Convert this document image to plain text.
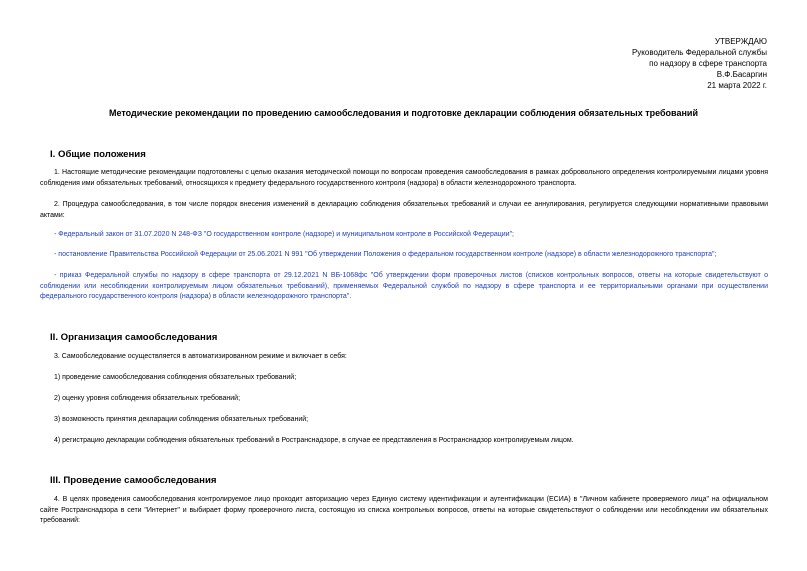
УТВЕРЖДАЮ
Руководитель Федеральной службы
по надзору в сфере транспорта
В.Ф.Басаргин
21 марта 2022 г.
Методические рекомендации по проведению самообследования и подготовке декларации соблюдения обязательных требований
I. Общие положения
1. Настоящие методические рекомендации подготовлены с целью оказания методической помощи по вопросам проведения самообследования в рамках добровольного определения контролируемыми лицами уровня соблюдения ими обязательных требований, относящихся к предмету федерального государственного контроля (надзора) в области железнодорожного транспорта.
2. Процедура самообследования, в том числе порядок внесения изменений в декларацию соблюдения обязательных требований и случаи ее аннулирования, регулируется следующими нормативными правовыми актами:
- Федеральный закон от 31.07.2020 N 248-ФЗ "О государственном контроле (надзоре) и муниципальном контроле в Российской Федерации";
- постановление Правительства Российской Федерации от 25.06.2021 N 991 "Об утверждении Положения о федеральном государственном контроле (надзоре) в области железнодорожного транспорта";
- приказ Федеральной службы по надзору в сфере транспорта от 29.12.2021 N ВБ-1068фс "Об утверждении форм проверочных листов (списков контрольных вопросов, ответы на которые свидетельствуют о соблюдении или несоблюдении контролируемым лицом обязательных требований), применяемых Федеральной службой по надзору в сфере транспорта и ее территориальными органами при осуществлении федерального государственного контроля (надзора) в области железнодорожного транспорта".
II. Организация самообследования
3. Самообследование осуществляется в автоматизированном режиме и включает в себя:
1) проведение самообследования соблюдения обязательных требований;
2) оценку уровня соблюдения обязательных требований;
3) возможность принятия декларации соблюдения обязательных требований;
4) регистрацию декларации соблюдения обязательных требований в Ространснадзоре, в случае ее представления в Ространснадзор контролируемым лицом.
III. Проведение самообследования
4. В целях проведения самообследования контролируемое лицо проходит авторизацию через Единую систему идентификации и аутентификации (ЕСИА) в "Личном кабинете проверяемого лица" на официальном сайте Ространснадзора в сети "Интернет" и выбирает форму проверочного листа, состоящую из списка контрольных вопросов, ответы на которые свидетельствуют о соблюдении или несоблюдении им обязательных требований:
